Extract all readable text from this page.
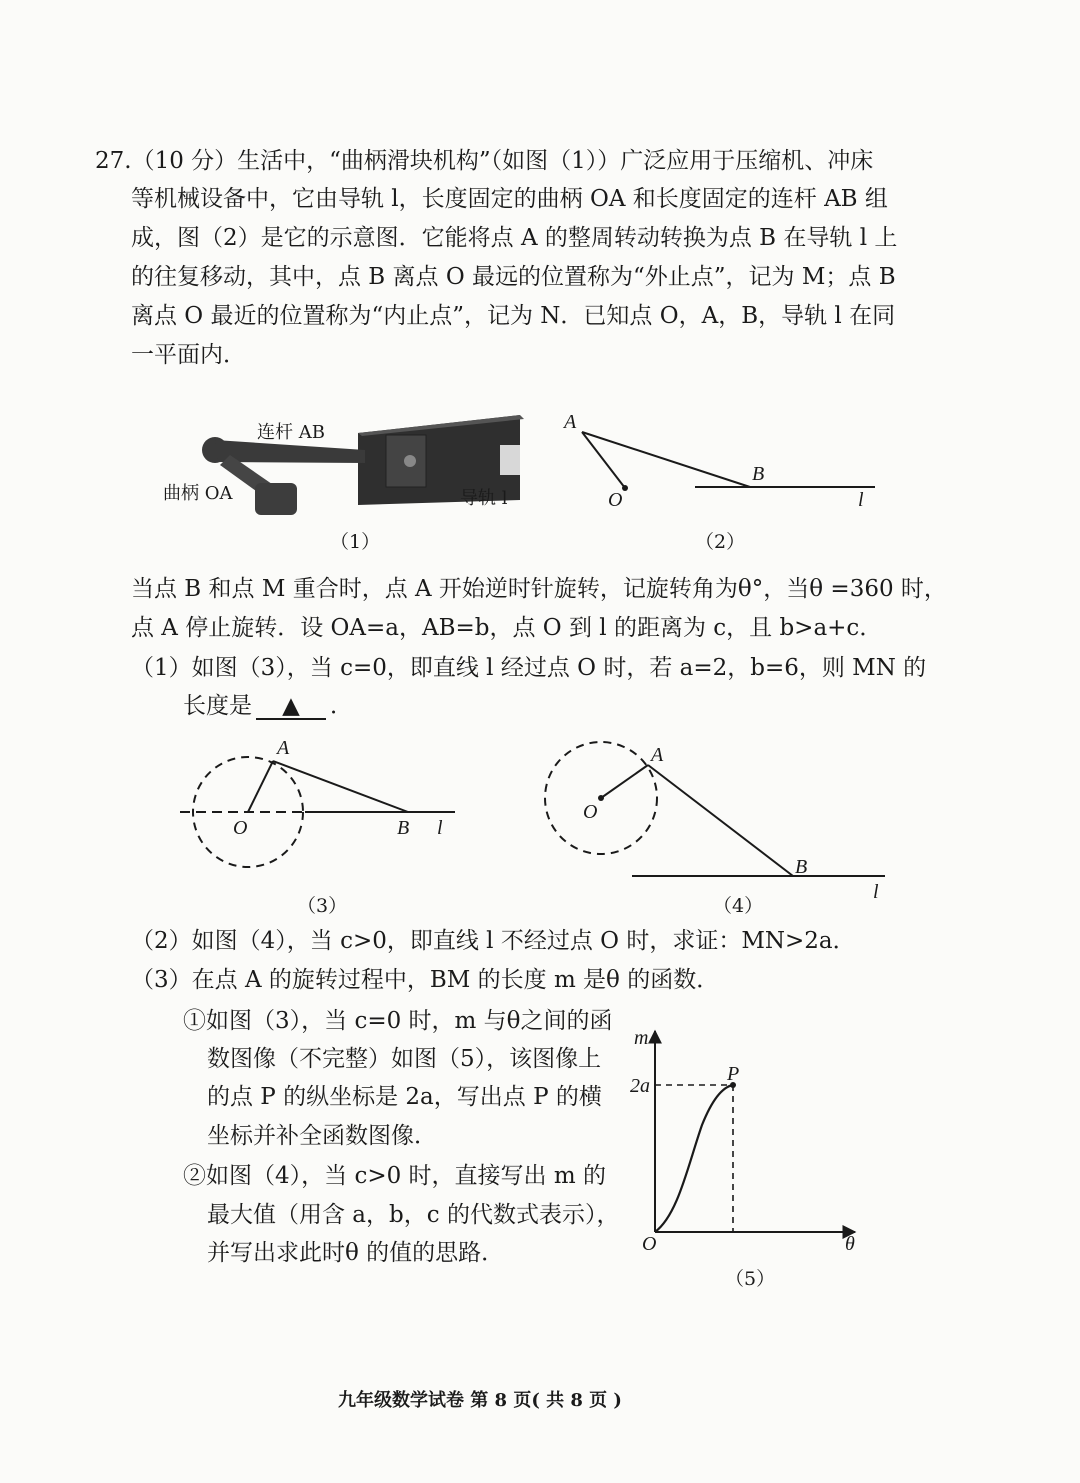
27.（10 分）生活中，“曲柄滑块机构”（如图（1））广泛应用于压缩机、冲床
等机械设备中，它由导轨 l，长度固定的曲柄 OA 和长度固定的连杆 AB 组
成，图（2）是它的示意图．它能将点 A 的整周转动转换为点 B 在导轨 l 上
的往复移动，其中，点 B 离点 O 最远的位置称为“外止点”，记为 M；点 B
离点 O 最近的位置称为“内止点”，记为 N．已知点 O，A，B，导轨 l 在同
一平面内．
连杆 AB
曲柄 OA	导轨 l
（1）
A
O
B
l
（2）
当点 B 和点 M 重合时，点 A 开始逆时针旋转，记旋转角为θ°，当θ =360 时，
点 A 停止旋转．设 OA=a，AB=b，点 O 到 l 的距离为 c，且 b>a+c．
（1）如图（3），当 c=0，即直线 l 经过点 O 时，若 a=2，b=6，则 MN 的
长度是 ▲ ．
A
O	B l
（3）
A
O
B
l
（4）
（2）如图（4），当 c>0，即直线 l 不经过点 O 时，求证：MN>2a．
（3）在点 A 的旋转过程中，BM 的长度 m 是θ 的函数．
①如图（3），当 c=0 时，m 与θ之间的函
数图像（不完整）如图（5），该图像上
的点 P 的纵坐标是 2a，写出点 P 的横
坐标并补全函数图像．
②如图（4），当 c>0 时，直接写出 m 的
最大值（用含 a，b，c 的代数式表示），
并写出求此时θ 的值的思路．
m
2a
P
O	θ
（5）
九年级数学试卷 第 8 页( 共 8 页 )
